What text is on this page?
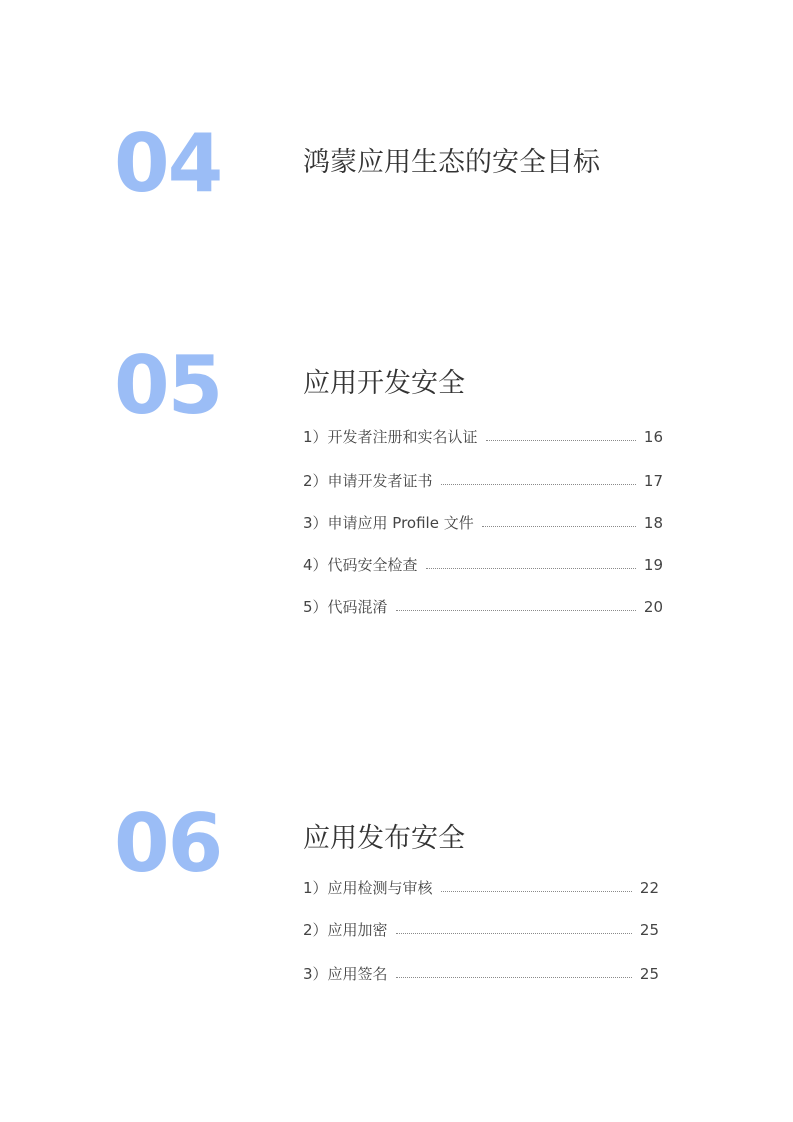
04	鸿蒙应用生态的安全目标
05	应用开发安全
1）开发者注册和实名认证	16
2）申请开发者证书	17
3）申请应用 Profile 文件	18
4）代码安全检查	19
5）代码混淆	20
06	应用发布安全
1）应用检测与审核	22
2）应用加密	25
3）应用签名	25
